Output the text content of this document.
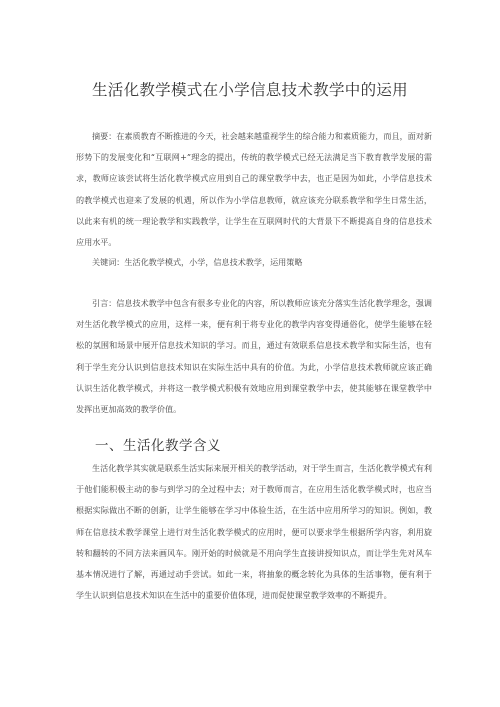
生活化教学模式在小学信息技术教学中的运用

摘要：在素质教育不断推进的今天，社会越来越重视学生的综合能力和素质能力，而且，面对新形势下的发展变化和“互联网+”理念的提出，传统的教学模式已经无法满足当下教育教学发展的需求，教师应该尝试将生活化教学模式应用到自己的课堂教学中去，也正是因为如此，小学信息技术的教学模式也迎来了发展的机遇，所以作为小学信息教师，就应该充分联系教学和学生日常生活，以此来有机的统一理论教学和实践教学，让学生在互联网时代的大背景下不断提高自身的信息技术应用水平。

关键词：生活化教学模式，小学，信息技术教学，运用策略

引言：信息技术教学中包含有很多专业化的内容，所以教师应该充分落实生活化教学理念，强调对生活化教学模式的应用，这样一来，便有利于将专业化的教学内容变得通俗化，使学生能够在轻松的氛围和场景中展开信息技术知识的学习。而且，通过有效联系信息技术教学和实际生活，也有利于学生充分认识到信息技术知识在实际生活中具有的价值。为此，小学信息技术教师就应该正确认识生活化教学模式，并将这一教学模式积极有效地应用到课堂教学中去，使其能够在课堂教学中发挥出更加高效的教学价值。

一、生活化教学含义

生活化教学其实就是联系生活实际来展开相关的教学活动，对于学生而言，生活化教学模式有利于他们能积极主动的参与到学习的全过程中去；对于教师而言，在应用生活化教学模式时，也应当根据实际做出不断的创新，让学生能够在学习中体验生活，在生活中应用所学习的知识。例如，教师在信息技术教学课堂上进行对生活化教学模式的应用时，便可以要求学生根据所学内容，利用旋转和翻转的不同方法来画风车。刚开始的时候就是不用向学生直接讲授知识点，而让学生先对风车基本情况进行了解，再通过动手尝试。如此一来，将抽象的概念转化为具体的生活事物，便有利于学生认识到信息技术知识在生活中的重要价值体现，进而促使课堂教学效率的不断提升。
